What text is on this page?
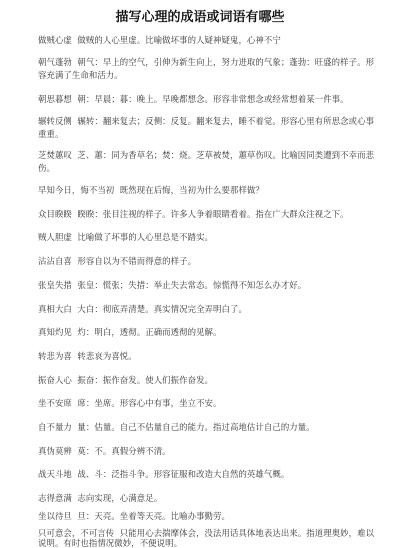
描写心理的成语或词语有哪些
做贼心虚  做贼的人心里虚。比喻做坏事的人疑神疑鬼，心神不宁
朝气蓬勃  朝气：早上的空气，引伸为新生向上，努力进取的气象；蓬勃：旺盛的样子。形容充满了生命和活力。
朝思暮想  朝：早晨；暮：晚上。早晚都想念。形容非常想念或经常想着某一件事。
辗转反侧  辗转：翻来复去；反侧：反复。翻来复去，睡不着觉。形容心里有所思念或心事重重。
芝焚蕙叹  芝、蕙：同为香草名；焚：烧。芝草被焚，蕙草伤叹。比喻因同类遭到不幸而悲伤。
早知今日，悔不当初  既然现在后悔，当初为什么要那样做？
众目睽睽  睽睽：张目注视的样子。许多人争着眼睛看着。指在广大群众注视之下。
贼人胆虚  比喻做了坏事的人心里总是不踏实。
沾沾自喜  形容自以为不错而得意的样子。
张皇失措  张皇：慌张；失措：举止失去常态。惊慌得不知怎么办才好。
真相大白  大白：彻底弄清楚。真实情况完全弄明白了。
真知灼见  灼：明白，透彻。正确而透彻的见解。
转悲为喜  转悲哀为喜悦。
振奋人心  振奋：振作奋发。使人们振作奋发。
坐不安席  席：坐席。形容心中有事，坐立不安。
自不量力  量：估量。自己不估量自己的能力。指过高地估计自己的力量。
真伪莫辨  莫：不。真假分辨不清。
战天斗地  战、斗：泛指斗争。形容征服和改造大自然的英雄气概。
志得意满  志向实现，心满意足。
坐以待旦  旦：天亮。坐着等天亮。比喻办事勤劳。
只可意会，不可言传  只能用心去揣摩体会，没法用话具体地表达出来。指道理奥妙，难以说明。有时也指情况微妙，不便说明。
